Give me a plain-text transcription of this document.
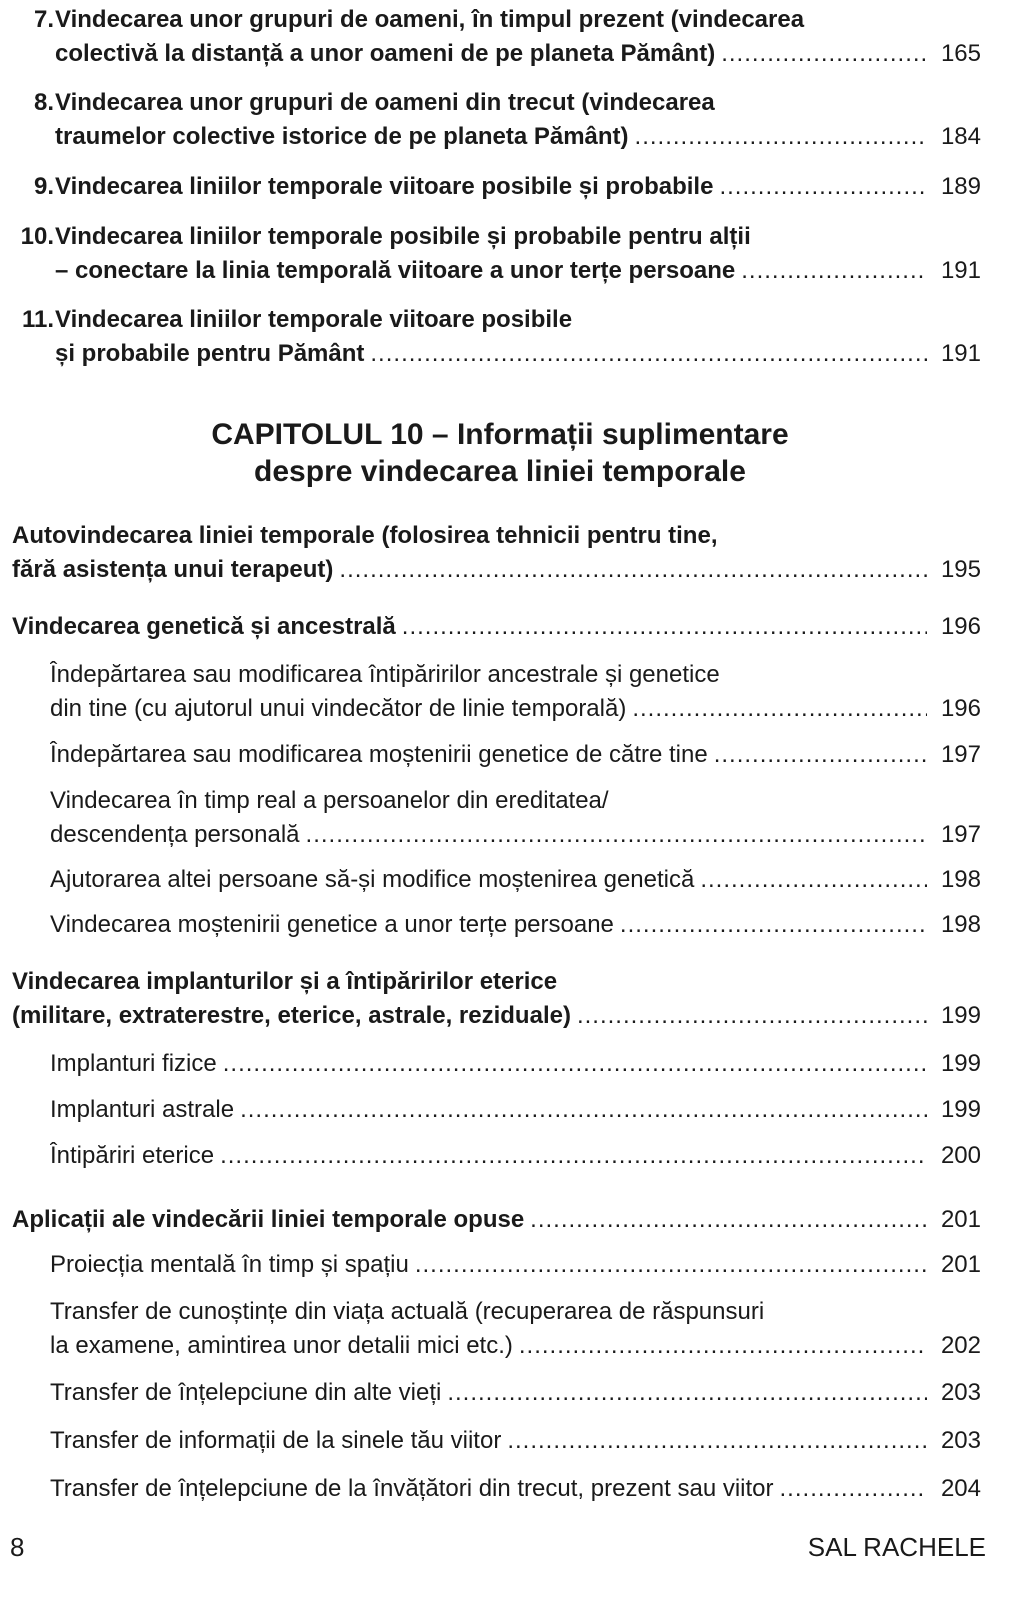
7. Vindecarea unor grupuri de oameni, în timpul prezent (vindecarea
colectivă la distanță a unor oameni de pe planeta Pământ) .....	165
8. Vindecarea unor grupuri de oameni din trecut (vindecarea
traumelor colective istorice de pe planeta Pământ) .....	184
9. Vindecarea liniilor temporale viitoare posibile și probabile .....	189
10. Vindecarea liniilor temporale posibile și probabile pentru alții
– conectare la linia temporală viitoare a unor terțe persoane .....	191
11. Vindecarea liniilor temporale viitoare posibile
și probabile pentru Pământ .....	191
CAPITOLUL 10 – Informații suplimentare
despre vindecarea liniei temporale
Autovindecarea liniei temporale (folosirea tehnicii pentru tine,
fără asistența unui terapeut) .....	195
Vindecarea genetică și ancestrală .....	196
Îndepărtarea sau modificarea întipăririlor ancestrale și genetice
din tine (cu ajutorul unui vindecător de linie temporală) .....	196
Îndepărtarea sau modificarea moștenirii genetice de către tine .....	197
Vindecarea în timp real a persoanelor din ereditatea/
descendența personală .....	197
Ajutorarea altei persoane să-și modifice moștenirea genetică .....	198
Vindecarea moștenirii genetice a unor terțe persoane .....	198
Vindecarea implanturilor și a întipăririlor eterice
(militare, extraterestre, eterice, astrale, reziduale) .....	199
Implanturi fizice .....	199
Implanturi astrale .....	199
Întipăriri eterice .....	200
Aplicații ale vindecării liniei temporale opuse .....	201
Proiecția mentală în timp și spațiu .....	201
Transfer de cunoștințe din viața actuală (recuperarea de răspunsuri
la examene, amintirea unor detalii mici etc.) .....	202
Transfer de înțelepciune din alte vieți .....	203
Transfer de informații de la sinele tău viitor .....	203
Transfer de înțelepciune de la învățători din trecut, prezent sau viitor .....	204
8	SAL RACHELE
